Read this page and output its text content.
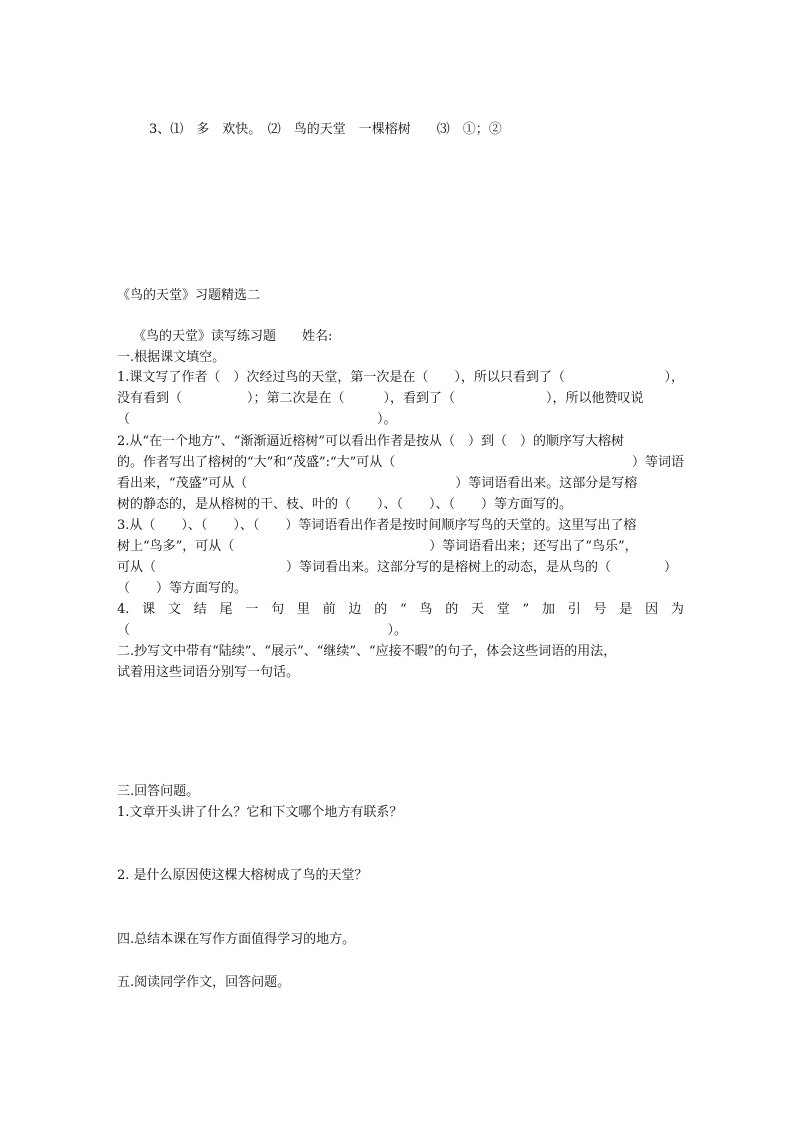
3、⑴　多　欢快。　⑵　鸟的天堂　一棵榕树　　⑶　①；②
《鸟的天堂》习题精选二
《鸟的天堂》读写练习题　　姓名:
一.根据课文填空。
1.课文写了作者（　）次经过鸟的天堂，第一次是在（　　），所以只看到了（	），
没有看到（　　　　　）；第二次是在（　　　），看到了（　　　　　　　），所以他赞叹说
（　　　　　　　　　　　　　　　　　　　）。
2.从“在一个地方”、“渐渐逼近榕树”可以看出作者是按从（　）到（　）的顺序写大榕树
的。作者写出了榕树的“大”和“茂盛”:“大”可从（	）等词语
看出来，“茂盛”可从（　　　　　　　　　　　　　　　　）等词语看出来。这部分是写榕
树的静态的，是从榕树的干、枝、叶的（　　）、（　　）、（　　）等方面写的。
3.从（　　）、（　　）、（　　）等词语看出作者是按时间顺序写鸟的天堂的。这里写出了榕
树上“鸟多”，可从（　　　　　　　　　　　　　　　）等词语看出来；还写出了“鸟乐”，
可从（　　　　　　　　　　）等词看出来。这部分写的是榕树上的动态，是从鸟的（	）
（　　）等方面写的。
4. 课 文 结 尾 一 句 里 前 边 的 “ 鸟 的 天 堂 ” 加 引 号 是 因 为
（	）。
二.抄写文中带有“陆续”、“展示”、“继续”、“应接不暇”的句子，体会这些词语的用法，
试着用这些词语分别写一句话。
三.回答问题。
1.文章开头讲了什么？它和下文哪个地方有联系？
2. 是什么原因使这棵大榕树成了鸟的天堂？
四.总结本课在写作方面值得学习的地方。
五.阅读同学作文，回答问题。
